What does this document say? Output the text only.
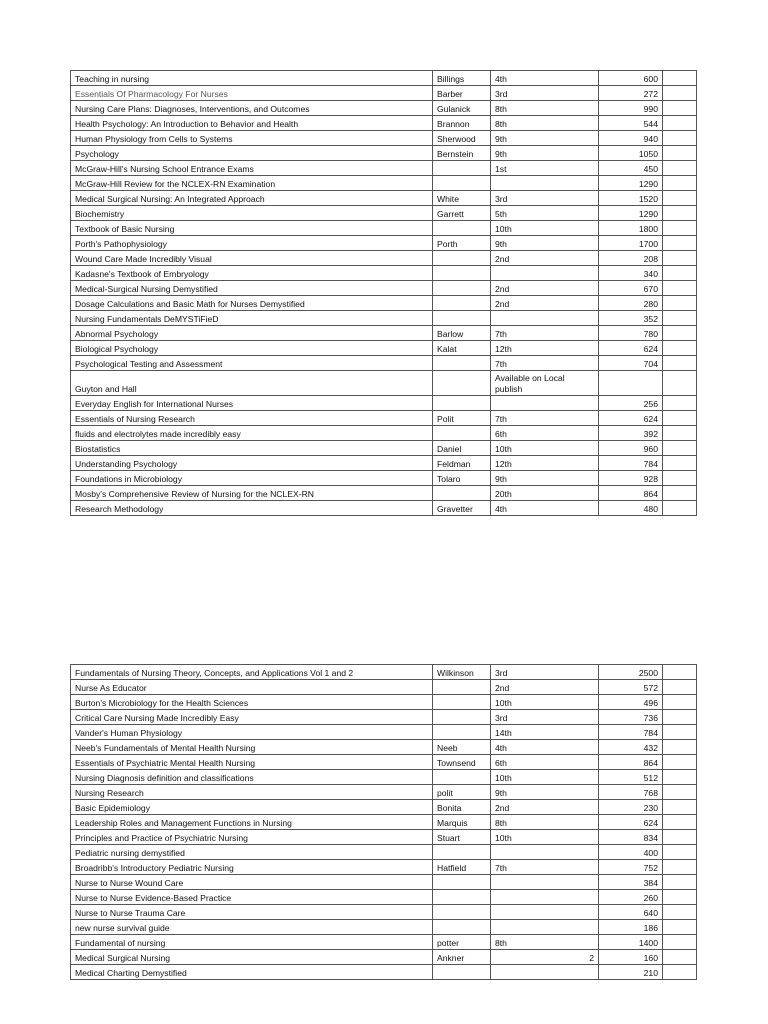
Teaching in nursing	Billings	4th	600	
Essentials Of Pharmacology For Nurses	Barber	3rd	272	
Nursing Care Plans: Diagnoses, Interventions, and Outcomes	Gulanick	8th	990	
Health Psychology: An Introduction to Behavior and Health	Brannon	8th	544	
Human Physiology from Cells to Systems	Sherwood	9th	940	
Psychology	Bernstein	9th	1050	
McGraw-Hill's Nursing School Entrance Exams		1st	450	
McGraw-Hill Review for the NCLEX-RN Examination			1290	
Medical Surgical Nursing: An Integrated Approach	White	3rd	1520	
Biochemistry	Garrett	5th	1290	
Textbook of Basic Nursing		10th	1800	
Porth's Pathophysiology	Porth	9th	1700	
Wound Care Made Incredibly Visual		2nd	208	
Kadasne's Textbook of Embryology			340	
Medical-Surgical Nursing Demystified		2nd	670	
Dosage Calculations and Basic Math for Nurses Demystified		2nd	280	
Nursing Fundamentals DeMYSTiFieD			352	
Abnormal Psychology	Barlow	7th	780	
Biological Psychology	Kalat	12th	624	
Psychological Testing and Assessment		7th	704	
Guyton and Hall		Available on Local publish		
Everyday English for International Nurses			256	
Essentials of Nursing Research	Polit	7th	624	
fluids and electrolytes made incredibly easy		6th	392	
Biostatistics	Daniel	10th	960	
Understanding Psychology	Feldman	12th	784	
Foundations in Microbiology	Tolaro	9th	928	
Mosby's Comprehensive Review of Nursing for the NCLEX-RN		20th	864	
Research Methodology	Gravetter	4th	480	
Fundamentals of Nursing Theory, Concepts, and Applications Vol 1 and 2	Wilkinson	3rd	2500	
Nurse As Educator		2nd	572	
Burton's Microbiology for the Health Sciences		10th	496	
Critical Care Nursing Made Incredibly Easy		3rd	736	
Vander's Human Physiology		14th	784	
Neeb's Fundamentals of Mental Health Nursing	Neeb	4th	432	
Essentials of Psychiatric Mental Health Nursing	Townsend	6th	864	
Nursing Diagnosis definition and classifications		10th	512	
Nursing Research	polit	9th	768	
Basic Epidemiology	Bonita	2nd	230	
Leadership Roles and Management Functions in Nursing	Marquis	8th	624	
Principles and Practice of Psychiatric Nursing	Stuart	10th	834	
Pediatric nursing demystified			400	
Broadribb's Introductory Pediatric Nursing	Hatfield	7th	752	
Nurse to Nurse Wound Care			384	
Nurse to Nurse Evidence-Based Practice			260	
Nurse to Nurse Trauma Care			640	
new nurse survival guide			186	
Fundamental of nursing	potter	8th	1400	
Medical Surgical Nursing	Ankner	2	160	
Medical Charting Demystified			210	
